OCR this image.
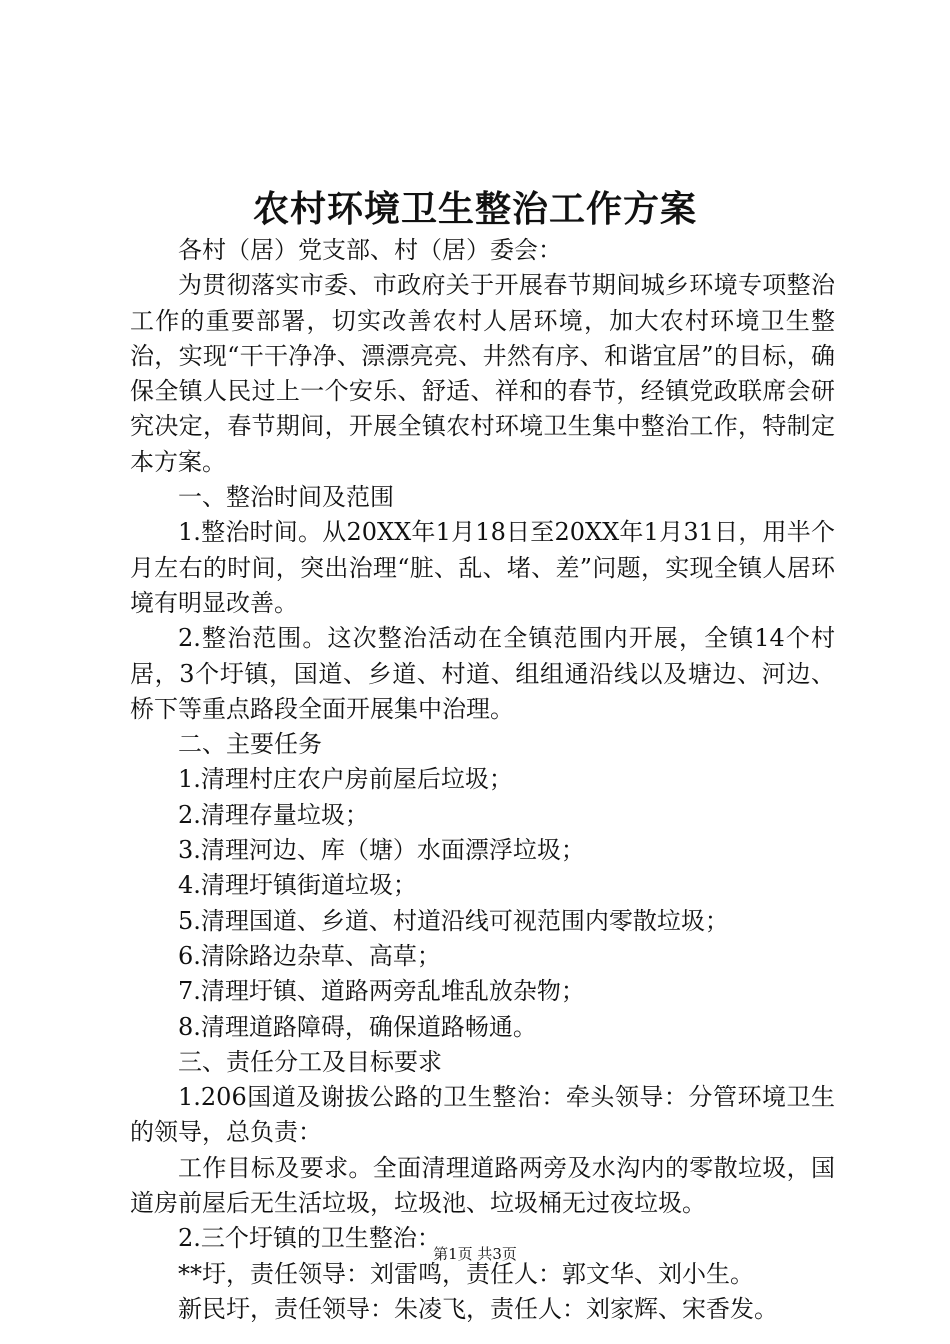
农村环境卫生整治工作方案

各村（居）党支部、村（居）委会：

为贯彻落实市委、市政府关于开展春节期间城乡环境专项整治工作的重要部署，切实改善农村人居环境，加大农村环境卫生整治，实现“干干净净、漂漂亮亮、井然有序、和谐宜居”的目标，确保全镇人民过上一个安乐、舒适、祥和的春节，经镇党政联席会研究决定，春节期间，开展全镇农村环境卫生集中整治工作，特制定本方案。

一、整治时间及范围

1.整治时间。从20XX年1月18日至20XX年1月31日，用半个月左右的时间，突出治理“脏、乱、堵、差”问题，实现全镇人居环境有明显改善。

2.整治范围。这次整治活动在全镇范围内开展，全镇14个村居，3个圩镇，国道、乡道、村道、组组通沿线以及塘边、河边、桥下等重点路段全面开展集中治理。

二、主要任务

1.清理村庄农户房前屋后垃圾；

2.清理存量垃圾；

3.清理河边、库（塘）水面漂浮垃圾；

4.清理圩镇街道垃圾；

5.清理国道、乡道、村道沿线可视范围内零散垃圾；

6.清除路边杂草、高草；

7.清理圩镇、道路两旁乱堆乱放杂物；

8.清理道路障碍，确保道路畅通。

三、责任分工及目标要求

1.206国道及谢拔公路的卫生整治：牵头领导：分管环境卫生的领导，总负责：

工作目标及要求。全面清理道路两旁及水沟内的零散垃圾，国道房前屋后无生活垃圾，垃圾池、垃圾桶无过夜垃圾。

2.三个圩镇的卫生整治：

**圩，责任领导：刘雷鸣，责任人：郭文华、刘小生。

新民圩，责任领导：朱凌飞，责任人：刘家辉、宋香发。

第1页 共3页
